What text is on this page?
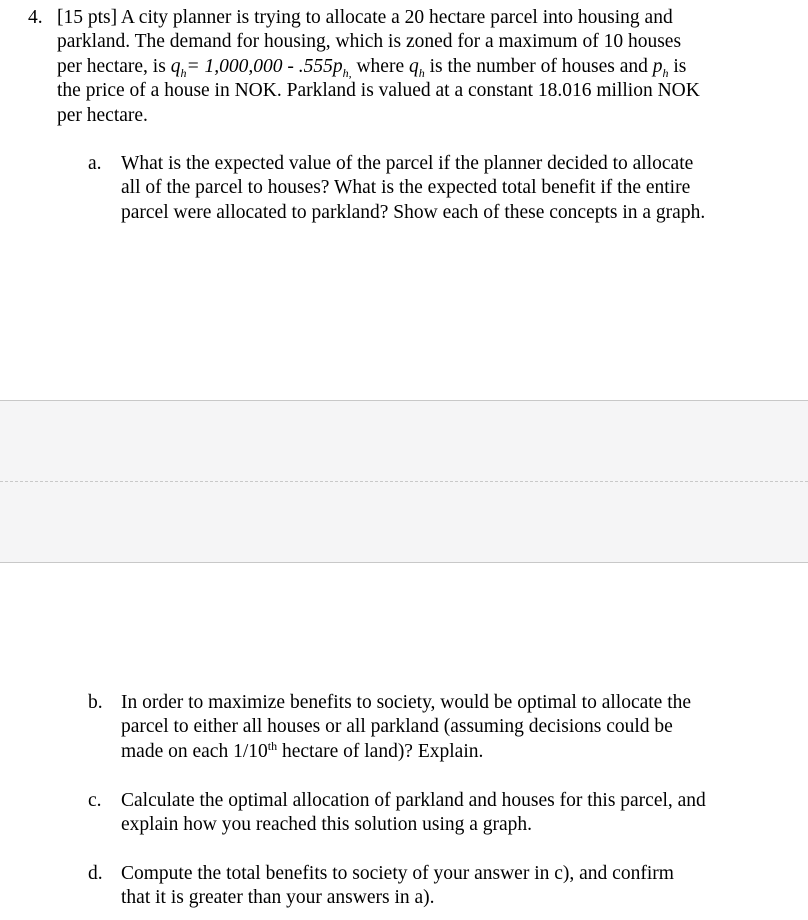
4. [15 pts] A city planner is trying to allocate a 20 hectare parcel into housing and
parkland. The demand for housing, which is zoned for a maximum of 10 houses
per hectare, is $q_h= 1,000,000 - .555p_{h,}$ where $q_h$ is the number of houses and $p_h$ is
the price of a house in NOK. Parkland is valued at a constant 18.016 million NOK
per hectare.
a. What is the expected value of the parcel if the planner decided to allocate
all of the parcel to houses? What is the expected total benefit if the entire
parcel were allocated to parkland? Show each of these concepts in a graph.
b. In order to maximize benefits to society, would be optimal to allocate the
parcel to either all houses or all parkland (assuming decisions could be
made on each 1/10th hectare of land)? Explain.
c. Calculate the optimal allocation of parkland and houses for this parcel, and
explain how you reached this solution using a graph.
d. Compute the total benefits to society of your answer in c), and confirm
that it is greater than your answers in a).
